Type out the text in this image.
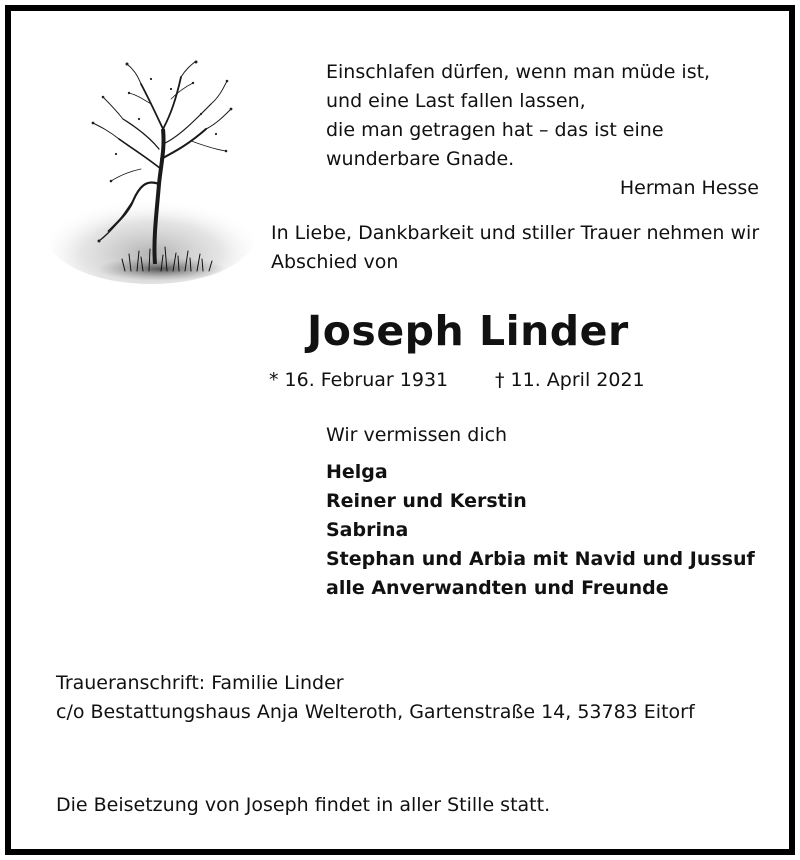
Einschlafen dürfen, wenn man müde ist,
und eine Last fallen lassen,
die man getragen hat – das ist eine
wunderbare Gnade.
Herman Hesse
In Liebe, Dankbarkeit und stiller Trauer nehmen wir
Abschied von
Joseph Linder
* 16. Februar 1931 † 11. April 2021
Wir vermissen dich
Helga
Reiner und Kerstin
Sabrina
Stephan und Arbia mit Navid und Jussuf
alle Anverwandten und Freunde
Traueranschrift: Familie Linder
c/o Bestattungshaus Anja Welteroth, Gartenstraße 14, 53783 Eitorf
Die Beisetzung von Joseph findet in aller Stille statt.
